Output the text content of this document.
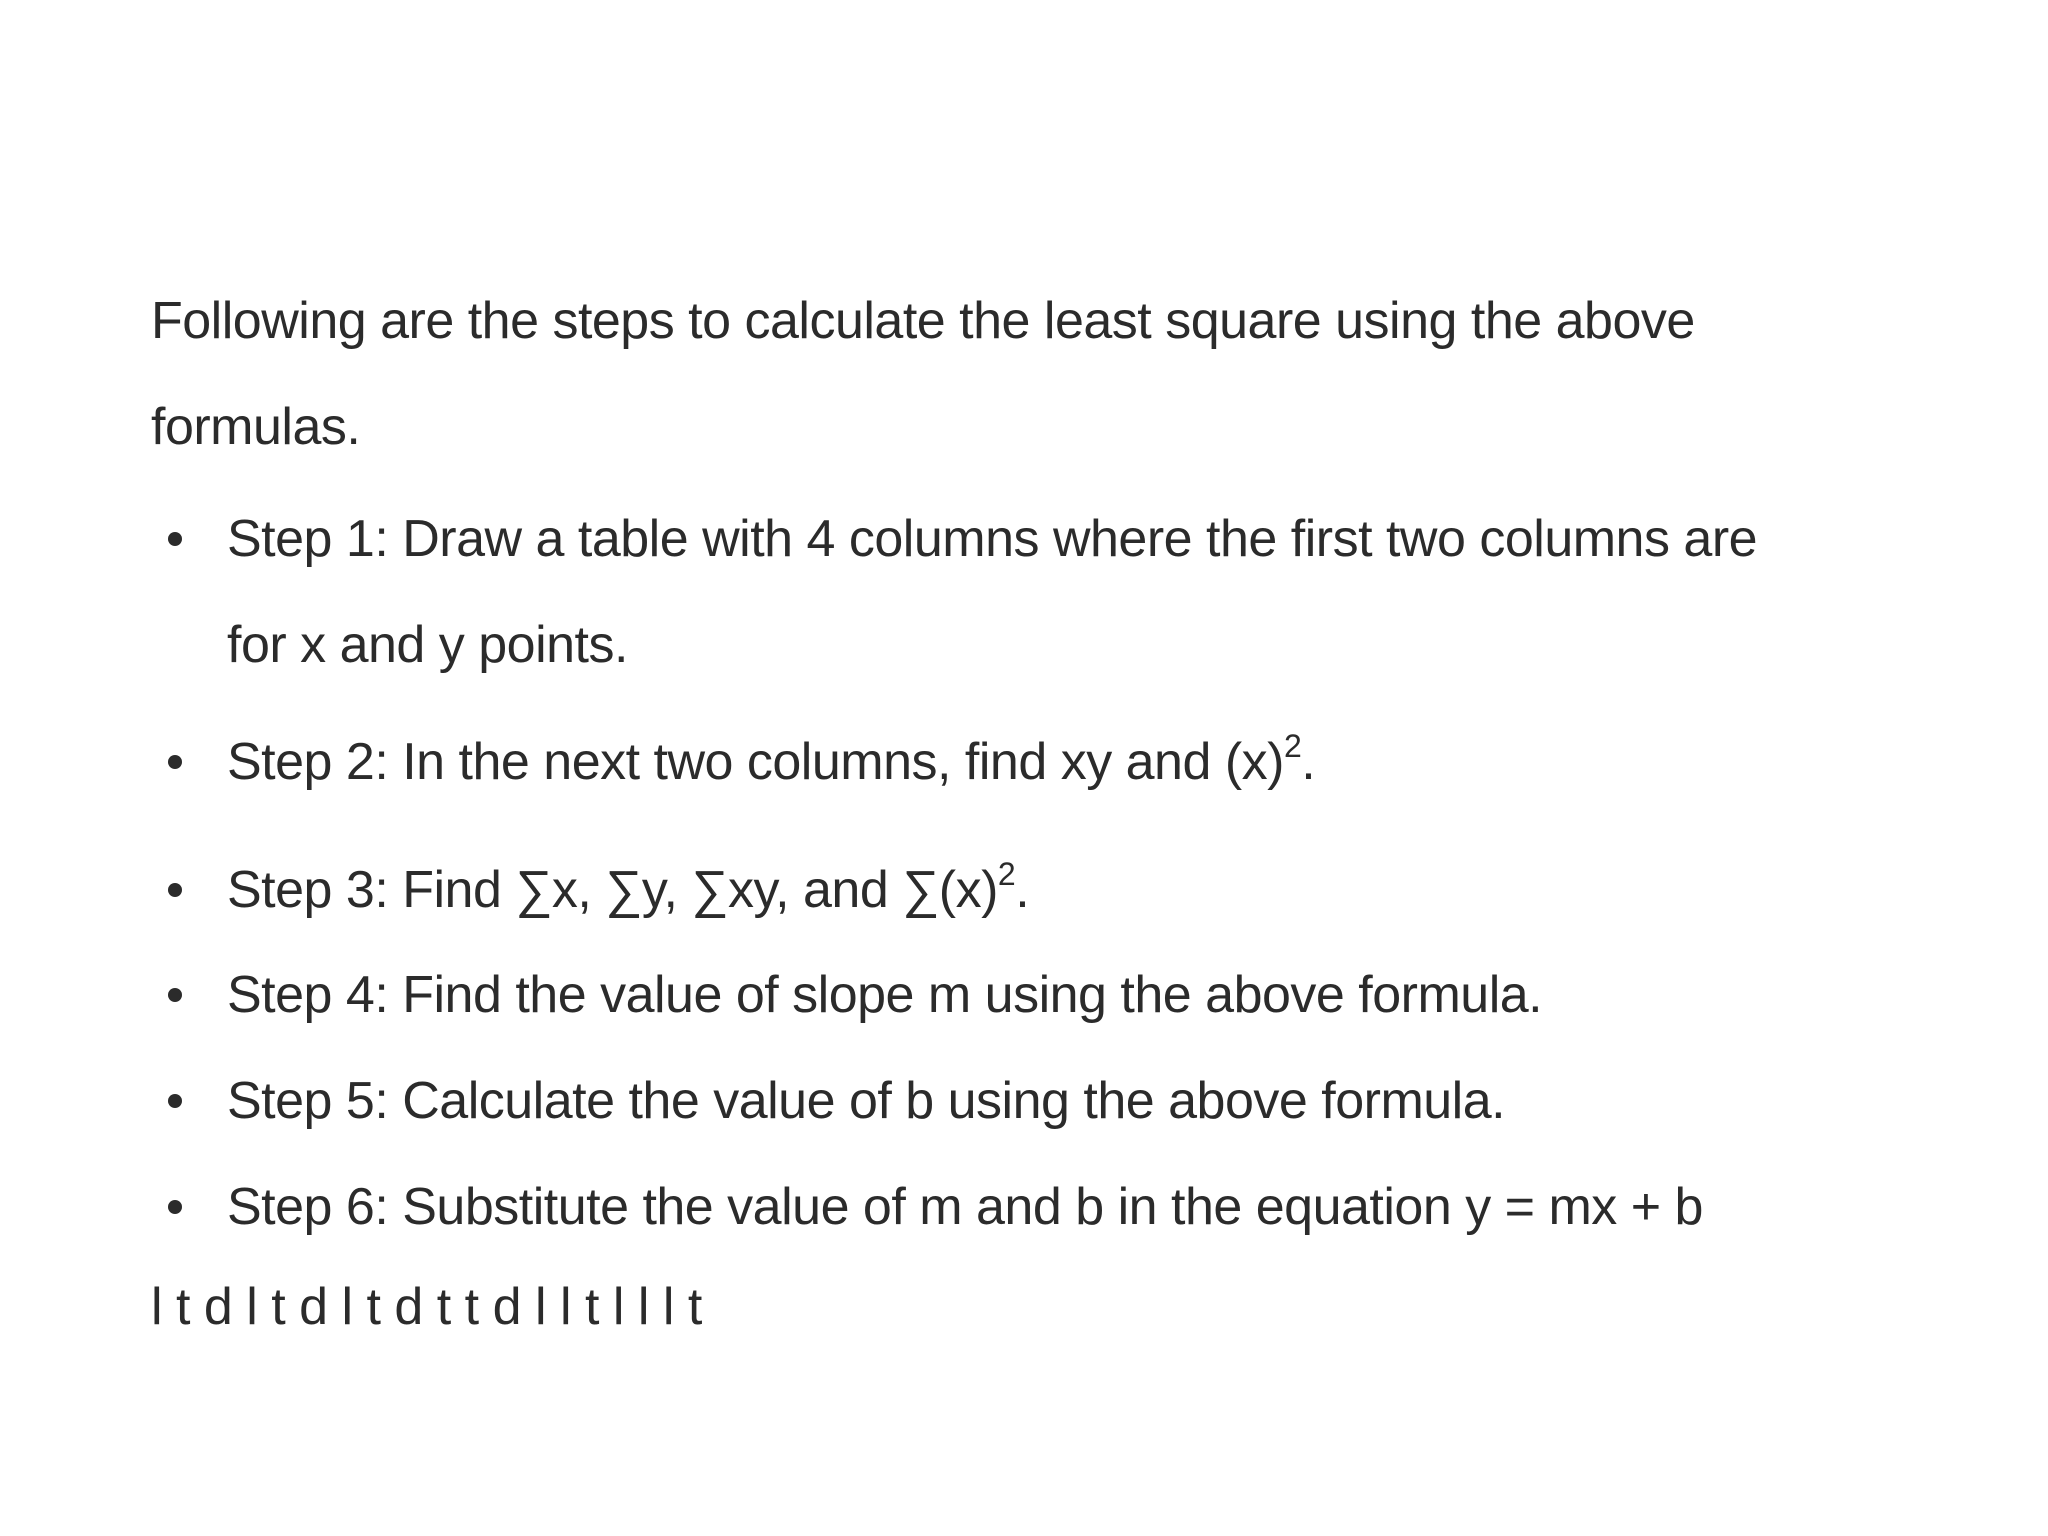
Following are the steps to calculate the least square using the above
formulas.

Step 1: Draw a table with 4 columns where the first two columns are
for x and y points.
Step 2: In the next two columns, find xy and $(x)^2$.
Step 3: Find ∑x, ∑y, ∑xy, and $\sum(x)^2$.
Step 4: Find the value of slope m using the above formula.
Step 5: Calculate the value of b using the above formula.
Step 6: Substitute the value of m and b in the equation y = mx + b
l t d l t d l t d t t d l l t l l l t
